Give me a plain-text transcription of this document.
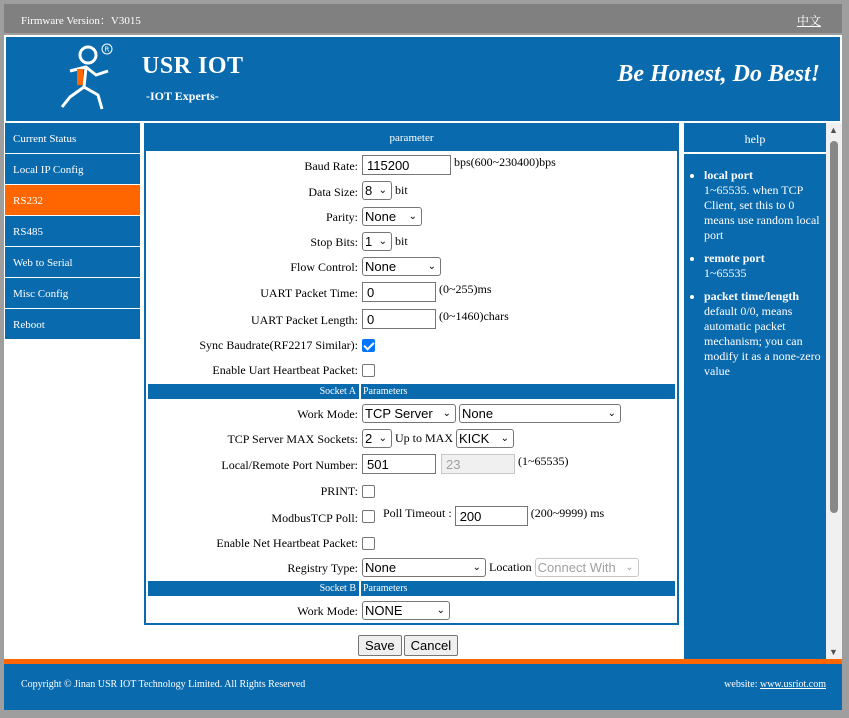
Firmware Version：V3015	中文
R
USR IOT
-IOT Experts-
Be Honest, Do Best!
Current Status
Local IP Config
RS232
RS485
Web to Serial
Misc Config
Reboot
parameter
Baud Rate:
115200	bps(600~230400)bps
Data Size: 8 ⌄ bit
Parity: None ⌄
Stop Bits: 1 ⌄ bit
Flow Control: None	⌄
UART Packet Time:
0	(0~255)ms
UART Packet Length:
0	(0~1460)chars
Sync Baudrate(RF2217 Similar):
Enable Uart Heartbeat Packet:
Socket A Parameters
Work Mode: TCP Server ⌄ None	⌄
TCP Server MAX Sockets: 2 ⌄ Up to MAX KICK ⌄
Local/Remote Port Number:
501 23	(1~65535)
PRINT:
ModbusTCP Poll:	Poll Timeout : 200	(200~9999) ms
Enable Net Heartbeat Packet:
Registry Type: None	⌄ Location Connect With ⌄
Socket B Parameters
Work Mode: NONE	⌄
Save Cancel
help
• local port
1~65535. when TCP Client, set this to 0 means use random local port
• remote port
1~65535
• packet time/length
default 0/0, means automatic packet mechanism; you can modify it as a none-zero value
▲
▼
Copyright © Jinan USR IOT Technology Limited. All Rights Reserved	website: www.usriot.com
